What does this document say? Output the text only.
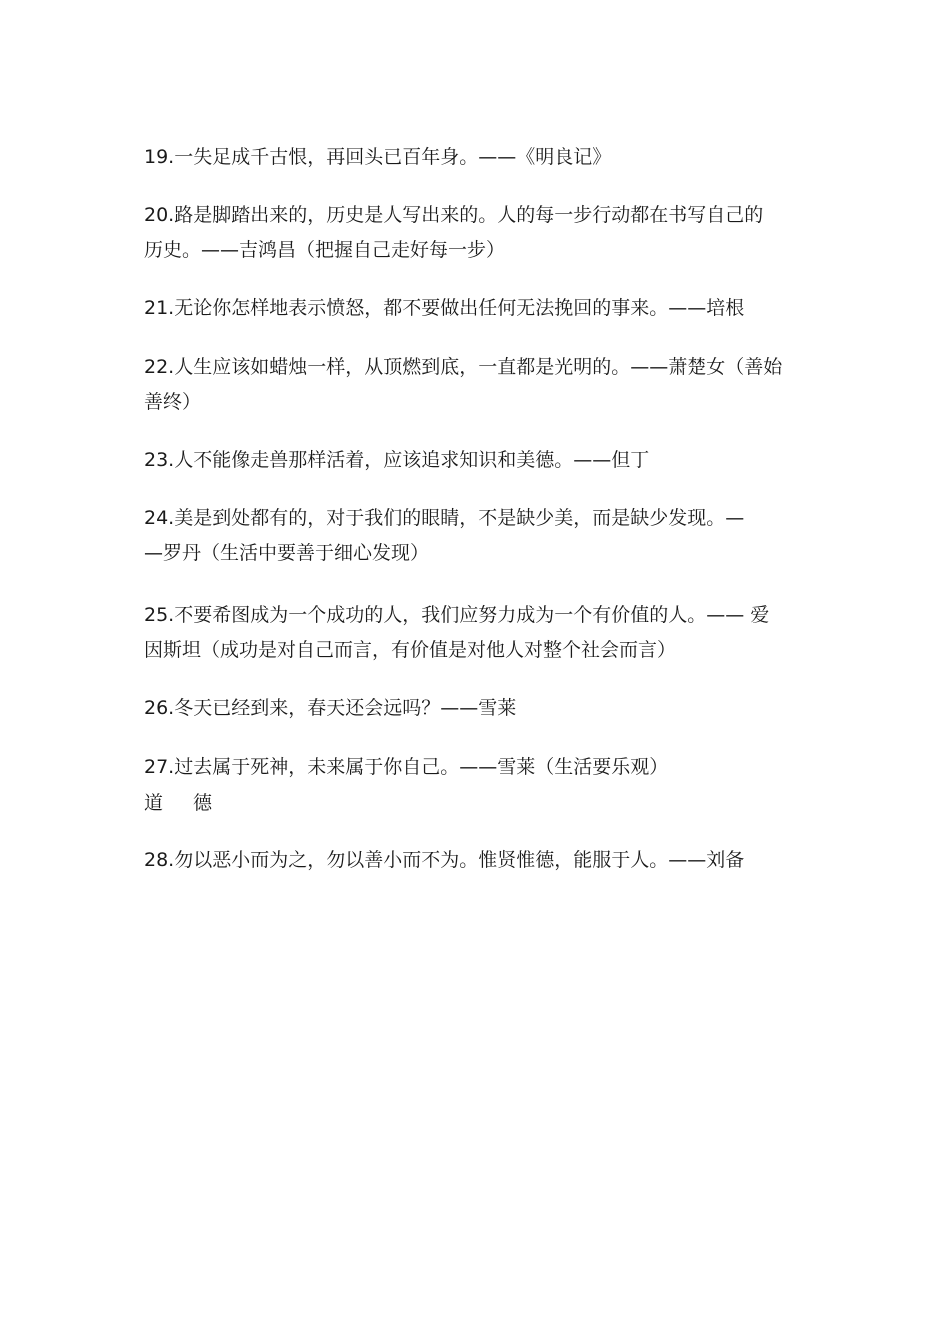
19.一失足成千古恨，再回头已百年身。——《明良记》
20.路是脚踏出来的，历史是人写出来的。人的每一步行动都在书写自己的
历史。——吉鸿昌（把握自己走好每一步）
21.无论你怎样地表示愤怒，都不要做出任何无法挽回的事来。——培根
22.人生应该如蜡烛一样，从顶燃到底，一直都是光明的。——萧楚女（善始
善终）
23.人不能像走兽那样活着，应该追求知识和美德。——但丁
24.美是到处都有的，对于我们的眼睛，不是缺少美，而是缺少发现。—
—罗丹（生活中要善于细心发现）
25.不要希图成为一个成功的人，我们应努力成为一个有价值的人。—— 爱
因斯坦（成功是对自己而言，有价值是对他人对整个社会而言）
26.冬天已经到来，春天还会远吗？——雪莱
27.过去属于死神，未来属于你自己。——雪莱（生活要乐观）
道 德
28.勿以恶小而为之，勿以善小而不为。惟贤惟德，能服于人。——刘备
